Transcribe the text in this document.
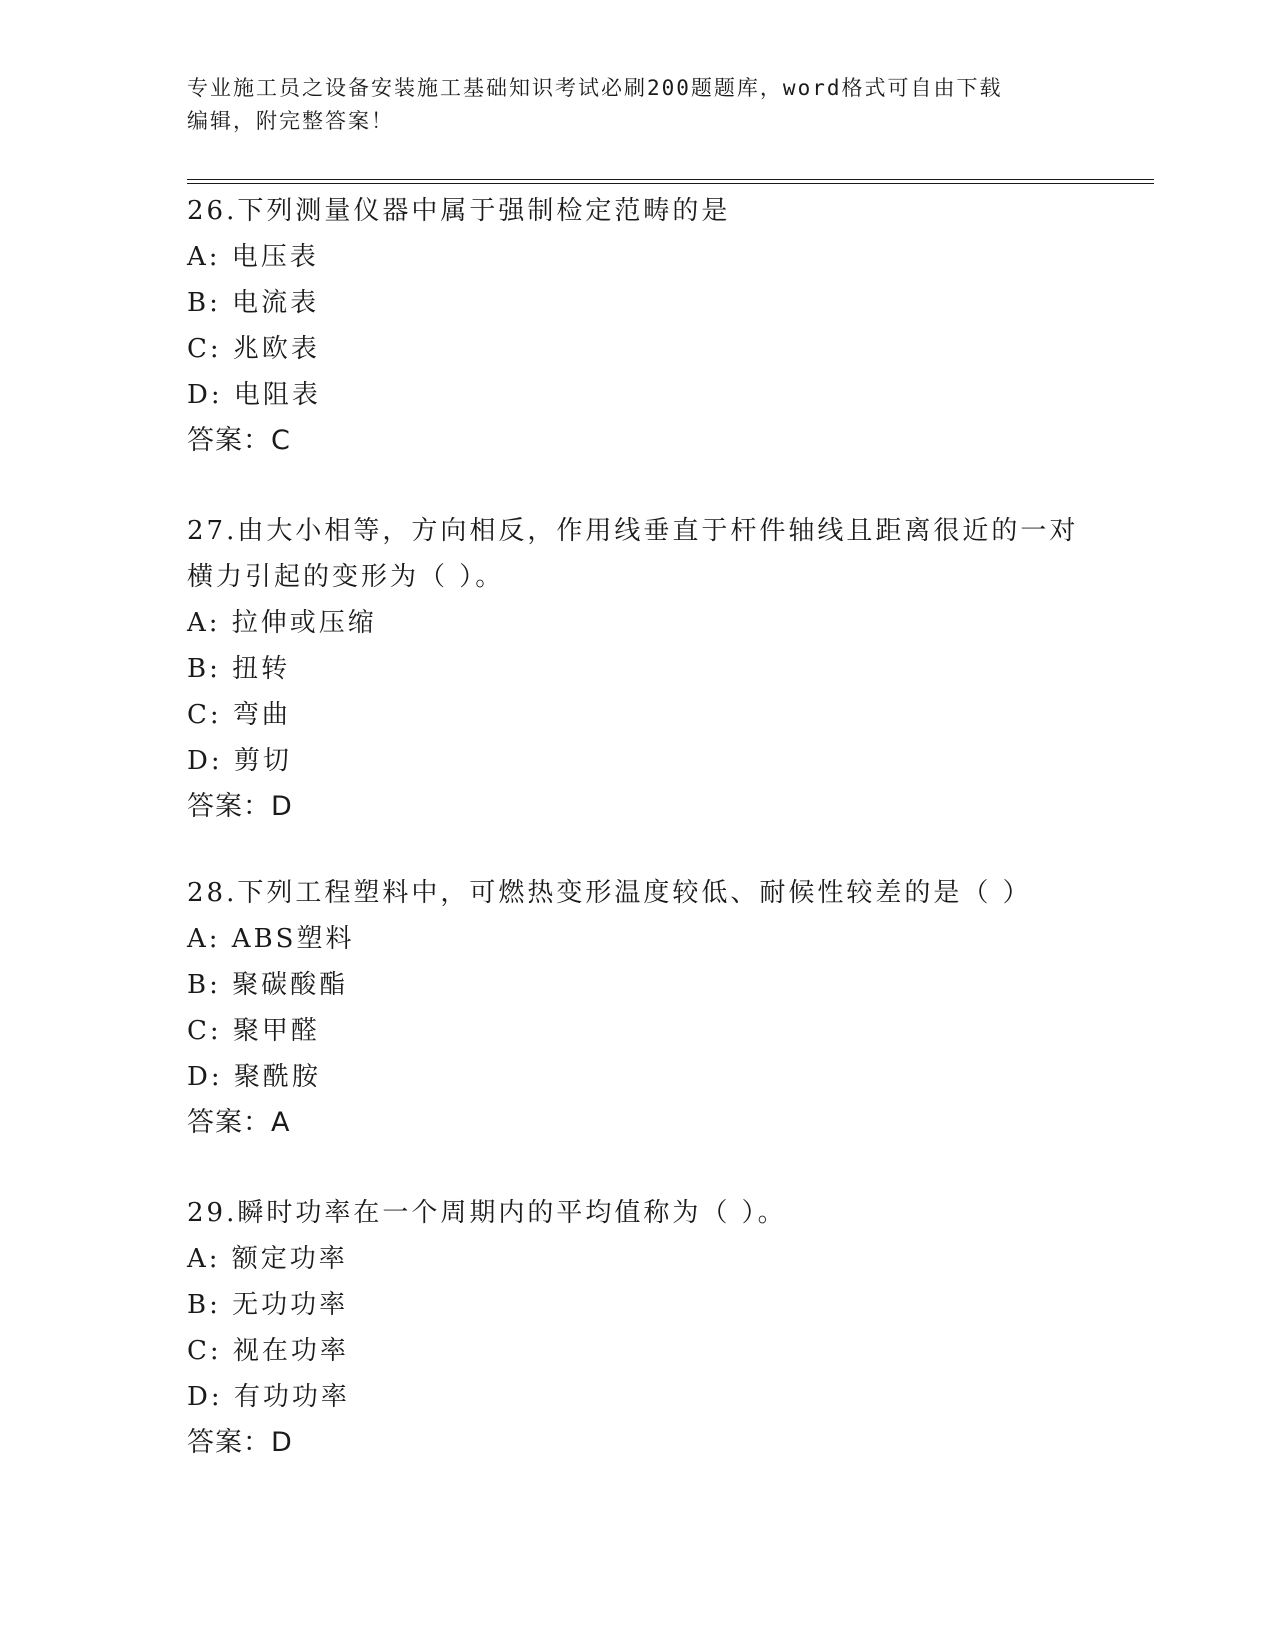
专业施工员之设备安装施工基础知识考试必刷200题题库，word格式可自由下载
编辑，附完整答案！
26.下列测量仪器中属于强制检定范畴的是
A: 电压表
B: 电流表
C: 兆欧表
D: 电阻表
答案：C
27.由大小相等，方向相反，作用线垂直于杆件轴线且距离很近的一对
横力引起的变形为（ ）。
A: 拉伸或压缩
B: 扭转
C: 弯曲
D: 剪切
答案：D
28.下列工程塑料中，可燃热变形温度较低、耐候性较差的是（ ）
A: ABS塑料
B: 聚碳酸酯
C: 聚甲醛
D: 聚酰胺
答案：A
29.瞬时功率在一个周期内的平均值称为（ ）。
A: 额定功率
B: 无功功率
C: 视在功率
D: 有功功率
答案：D
